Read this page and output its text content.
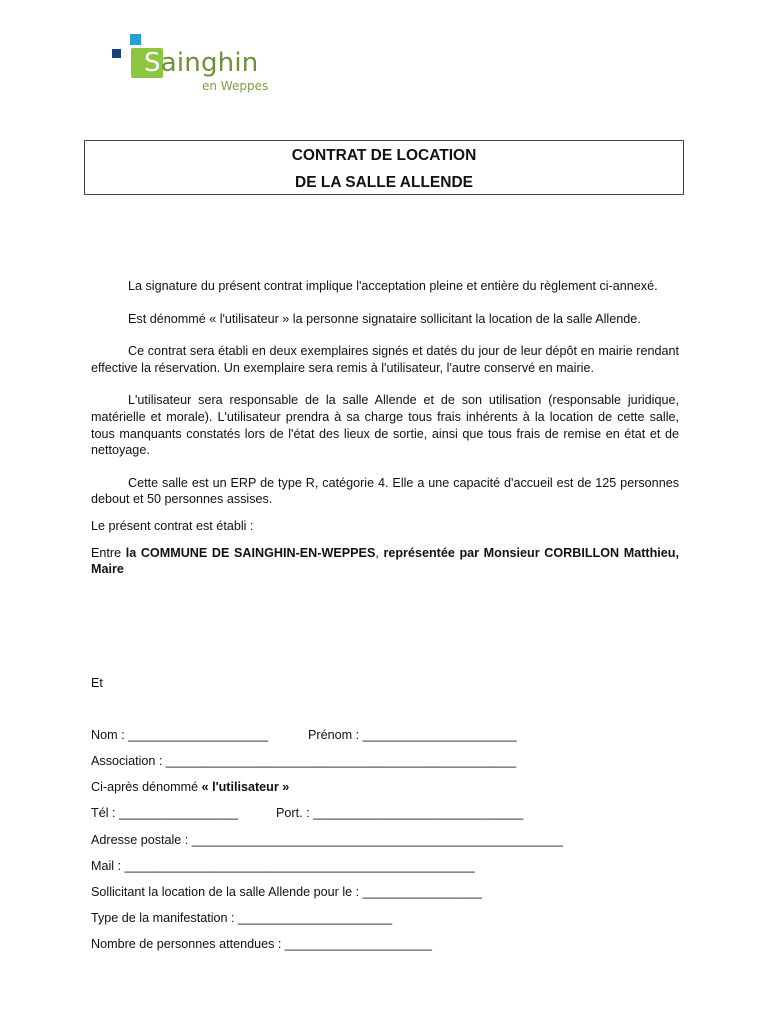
Sainghin
en Weppes
CONTRAT DE LOCATION
DE LA SALLE ALLENDE

La signature du présent contrat implique l'acceptation pleine et entière du règlement ci-annexé.

Est dénommé « l'utilisateur » la personne signataire sollicitant la location de la salle Allende.

Ce contrat sera établi en deux exemplaires signés et datés du jour de leur dépôt en mairie rendant effective la réservation. Un exemplaire sera remis à l'utilisateur, l'autre conservé en mairie.

L'utilisateur sera responsable de la salle Allende et de son utilisation (responsable juridique, matérielle et morale). L'utilisateur prendra à sa charge tous frais inhérents à la location de cette salle, tous manquants constatés lors de l'état des lieux de sortie, ainsi que tous frais de remise en état et de nettoyage.

Cette salle est un ERP de type R, catégorie 4. Elle a une capacité d'accueil est de 125 personnes debout et 50 personnes assises.

Le présent contrat est établi :

Entre la COMMUNE DE SAINGHIN-EN-WEPPES, représentée par Monsieur CORBILLON Matthieu, Maire

Et
Nom : ____________________	Prénom : ______________________
Association : __________________________________________________
Ci-après dénommé « l'utilisateur »
Tél : _________________	Port. : ______________________________
Adresse postale : _____________________________________________________
Mail : __________________________________________________
Sollicitant la location de la salle Allende pour le : _________________
Type de la manifestation : ______________________
Nombre de personnes attendues : _____________________
